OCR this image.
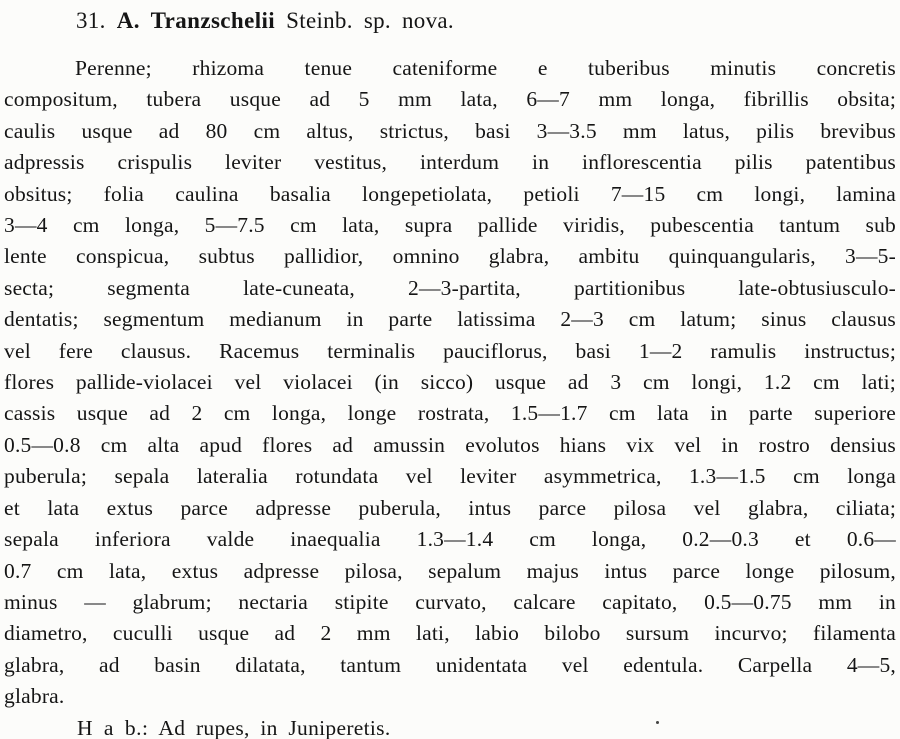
31. A. Tranzschelii Steinb. sp. nova.
Perenne; rhizoma tenue cateniforme e tuberibus minutis concretis
compositum, tubera usque ad 5 mm lata, 6—7 mm longa, fibrillis obsita;
caulis usque ad 80 cm altus, strictus, basi 3—3.5 mm latus, pilis brevibus
adpressis crispulis leviter vestitus, interdum in inflorescentia pilis patentibus
obsitus; folia caulina basalia longepetiolata, petioli 7—15 cm longi, lamina
3—4 cm longa, 5—7.5 cm lata, supra pallide viridis, pubescentia tantum sub
lente conspicua, subtus pallidior, omnino glabra, ambitu quinquangularis, 3—5-
secta; segmenta late-cuneata, 2—3-partita, partitionibus late-obtusiusculo-
dentatis; segmentum medianum in parte latissima 2—3 cm latum; sinus clausus
vel fere clausus. Racemus terminalis pauciflorus, basi 1—2 ramulis instructus;
flores pallide-violacei vel violacei (in sicco) usque ad 3 cm longi, 1.2 cm lati;
cassis usque ad 2 cm longa, longe rostrata, 1.5—1.7 cm lata in parte superiore
0.5—0.8 cm alta apud flores ad amussin evolutos hians vix vel in rostro densius
puberula; sepala lateralia rotundata vel leviter asymmetrica, 1.3—1.5 cm longa
et lata extus parce adpresse puberula, intus parce pilosa vel glabra, ciliata;
sepala inferiora valde inaequalia 1.3—1.4 cm longa, 0.2—0.3 et 0.6—
0.7 cm lata, extus adpresse pilosa, sepalum majus intus parce longe pilosum,
minus — glabrum; nectaria stipite curvato, calcare capitato, 0.5—0.75 mm in
diametro, cuculli usque ad 2 mm lati, labio bilobo sursum incurvo; filamenta
glabra, ad basin dilatata, tantum unidentata vel edentula. Carpella 4—5,
glabra.
H a b.: Ad rupes, in Juniperetis.
